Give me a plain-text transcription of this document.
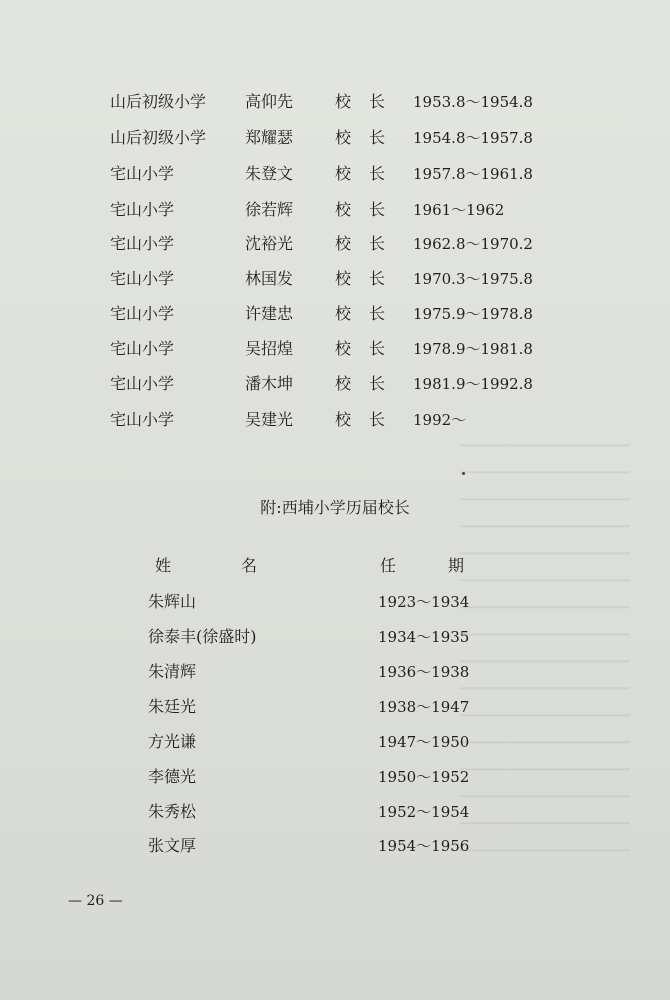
山后初级小学 高仰先	校长 1953.8～1954.8
山后初级小学 郑耀瑟	校长 1954.8～1957.8
宅山小学	朱登文	校长 1957.8～1961.8
宅山小学	徐若辉	校长 1961～1962
宅山小学	沈裕光	校长 1962.8～1970.2
宅山小学	林国发	校长 1970.3～1975.8
宅山小学	许建忠	校长 1975.9～1978.8
宅山小学	吴招煌	校长 1978.9～1981.8
宅山小学	潘木坤	校长 1981.9～1992.8
宅山小学	吴建光	校长 1992～
附:西埔小学历届校长
姓名	任期
朱辉山	1923～1934
徐泰丰(徐盛时)	1934～1935
朱清辉	1936～1938
朱廷光	1938～1947
方光谦	1947～1950
李德光	1950～1952
朱秀松	1952～1954
张文厚	1954～1956
— 26 —
